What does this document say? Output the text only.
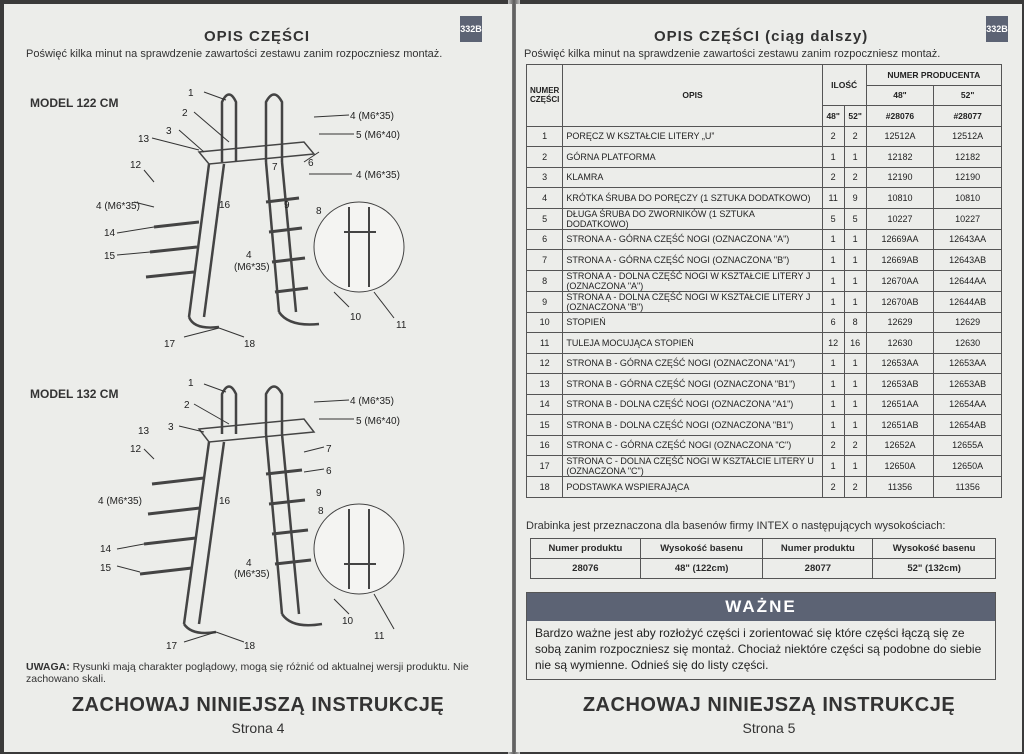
332B
OPIS CZĘŚCI
Poświęć kilka minut na sprawdzenie zawartości zestawu zanim rozpoczniesz montaż.
MODEL 122 CM
MODEL 132 CM
1
2
3
13
4 (M6*35)
5 (M6*40)
4 (M6*35)
12
4 (M6*35)
14
15
16
7	6
9
8
4
(M6*35)
10
11
17	18
1
2
3
13
4 (M6*35)
5 (M6*40)
12
4 (M6*35)
14
15
16
7
6
9
8
4
(M6*35)
10
11
17	18
UWAGA: Rysunki mają charakter poglądowy, mogą się różnić od aktualnej wersji produktu. Nie zachowano skali.
ZACHOWAJ NINIEJSZĄ INSTRUKCJĘ
Strona 4
332B
OPIS CZĘŚCI (ciąg dalszy)
Poświęć kilka minut na sprawdzenie zawartości zestawu zanim rozpoczniesz montaż.
NUMER CZĘŚCI	OPIS	ILOŚĆ		NUMER PRODUCENTA	
				48"	52"
		48"	52"	#28076	#28077
1	PORĘCZ W KSZTAŁCIE LITERY „U”	2	2	12512A	12512A
2	GÓRNA PLATFORMA	1	1	12182	12182
3	KLAMRA	2	2	12190	12190
4	KRÓTKA ŚRUBA DO PORĘCZY (1 SZTUKA DODATKOWO)	11	9	10810	10810
5	DŁUGA ŚRUBA DO ZWORNIKÓW (1 SZTUKA DODATKOWO)	5	5	10227	10227
6	STRONA A - GÓRNA CZĘŚĆ NOGI (OZNACZONA "A")	1	1	12669AA	12643AA
7	STRONA A - GÓRNA CZĘŚĆ NOGI (OZNACZONA "B")	1	1	12669AB	12643AB
8	STRONA A - DOLNA CZĘŚĆ NOGI W KSZTAŁCIE LITERY J (OZNACZONA "A")	1	1	12670AA	12644AA
9	STRONA A - DOLNA CZĘŚĆ NOGI W KSZTAŁCIE LITERY J (OZNACZONA "B")	1	1	12670AB	12644AB
10	STOPIEŃ	6	8	12629	12629
11	TULEJA MOCUJĄCA STOPIEŃ	12	16	12630	12630
12	STRONA B - GÓRNA CZĘŚĆ NOGI (OZNACZONA "A1")	1	1	12653AA	12653AA
13	STRONA B - GÓRNA CZĘŚĆ NOGI (OZNACZONA "B1")	1	1	12653AB	12653AB
14	STRONA B - DOLNA CZĘŚĆ NOGI (OZNACZONA "A1")	1	1	12651AA	12654AA
15	STRONA B - DOLNA CZĘŚĆ NOGI (OZNACZONA "B1")	1	1	12651AB	12654AB
16	STRONA C - GÓRNA CZĘŚĆ NOGI (OZNACZONA "C")	2	2	12652A	12655A
17	STRONA C - DOLNA CZĘŚĆ NOGI W KSZTAŁCIE LITERY U (OZNACZONA "C")	1	1	12650A	12650A
18	PODSTAWKA WSPIERAJĄCA	2	2	11356	11356
Drabinka jest przeznaczona dla basenów firmy INTEX o następujących wysokościach:
Numer produktu	Wysokość basenu	Numer produktu	Wysokość basenu
28076	48" (122cm)	28077	52" (132cm)
WAŻNE
Bardzo ważne jest aby rozłożyć części i zorientować się które części łączą się ze sobą zanim rozpoczniesz się montaż. Chociaż niektóre części są podobne do siebie nie są wymienne. Odnieś się do listy części.
ZACHOWAJ NINIEJSZĄ INSTRUKCJĘ
Strona 5
